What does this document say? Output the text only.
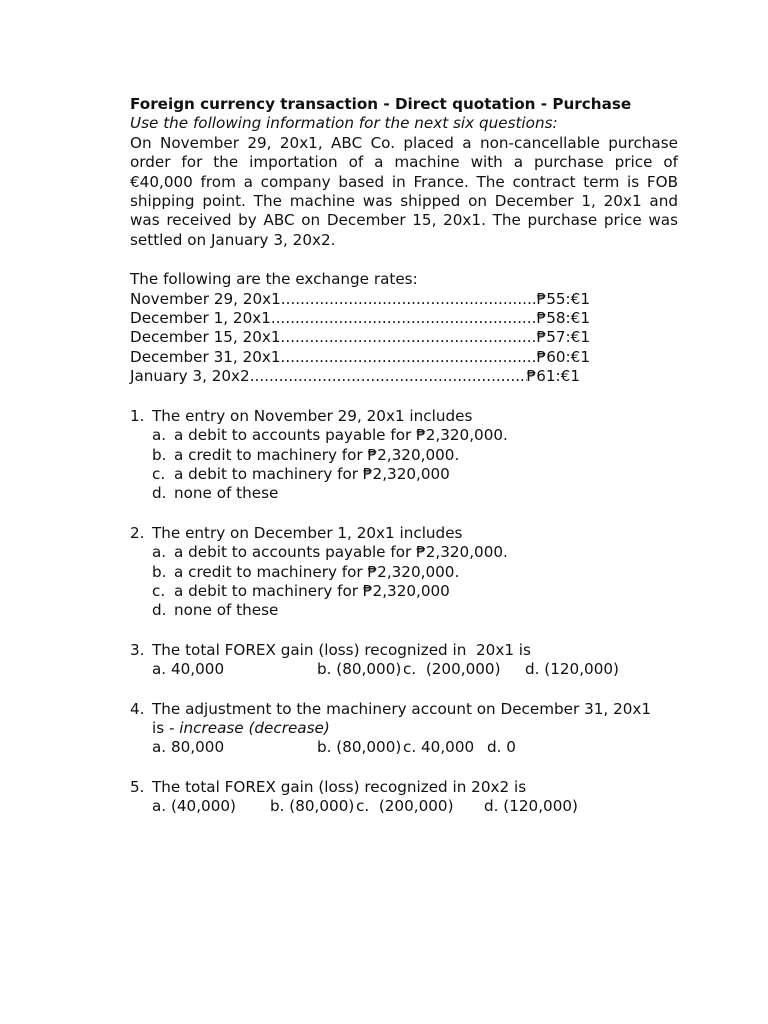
Foreign currency transaction - Direct quotation - Purchase
Use the following information for the next six questions:
On November 29, 20x1, ABC Co. placed a non-cancellable purchase
order for the importation of a machine with a purchase price of
€40,000 from a company based in France. The contract term is FOB
shipping point. The machine was shipped on December 1, 20x1 and
was received by ABC on December 15, 20x1. The purchase price was
settled on January 3, 20x2.
The following are the exchange rates:
November 29, 20x1 .....	₱55:€1
December 1, 20x1 .....	₱58:€1
December 15, 20x1 .....	₱57:€1
December 31, 20x1 .....	₱60:€1
January 3, 20x2 .....	₱61:€1
1. The entry on November 29, 20x1 includes
a. a debit to accounts payable for ₱2,320,000.
b. a credit to machinery for ₱2,320,000.
c. a debit to machinery for ₱2,320,000
d. none of these
2. The entry on December 1, 20x1 includes
a. a debit to accounts payable for ₱2,320,000.
b. a credit to machinery for ₱2,320,000.
c. a debit to machinery for ₱2,320,000
d. none of these
3. The total FOREX gain (loss) recognized in  20x1 is
a. 40,000	b. (80,000) c.  (200,000)	d. (120,000)
4. The adjustment to the machinery account on December 31, 20x1
is - increase (decrease)
a. 80,000	b. (80,000) c. 40,000 d. 0
5. The total FOREX gain (loss) recognized in 20x2 is
a. (40,000)	b. (80,000) c.  (200,000)	d. (120,000)
